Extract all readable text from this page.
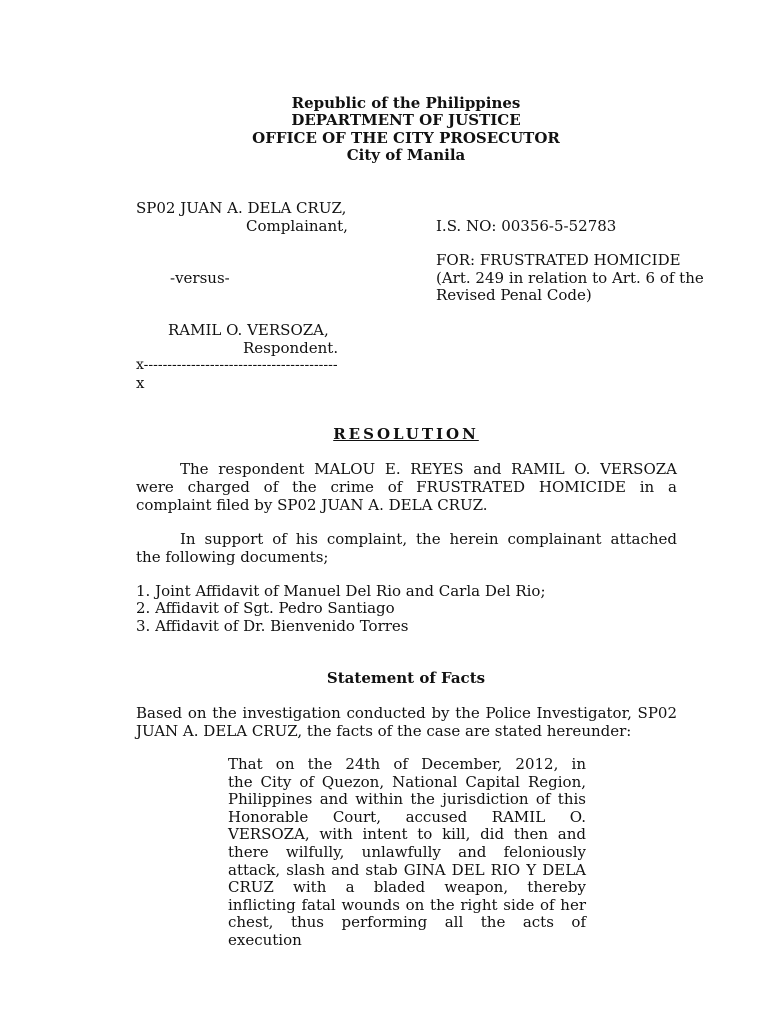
Republic of the Philippines
DEPARTMENT OF JUSTICE
OFFICE OF THE CITY PROSECUTOR
City of Manila
SP02 JUAN A. DELA CRUZ,
Complainant,
-versus-
RAMIL O. VERSOZA,
Respondent.
x-----------------------------------------
x
I.S. NO: 00356-5-52783
FOR: FRUSTRATED HOMICIDE
(Art. 249 in relation to Art. 6 of the
Revised Penal Code)
RESOLUTION
The respondent MALOU E. REYES and RAMIL O. VERSOZA
were charged of the crime of FRUSTRATED HOMICIDE in a
complaint filed by SP02 JUAN A. DELA CRUZ.
In support of his complaint, the herein complainant attached
the following documents;
1. Joint Affidavit of Manuel Del Rio and Carla Del Rio;
2. Affidavit of Sgt. Pedro Santiago
3. Affidavit of Dr. Bienvenido Torres
Statement of Facts
Based on the investigation conducted by the Police Investigator, SP02
JUAN A. DELA CRUZ, the facts of the case are stated hereunder:
That on the 24th of December, 2012, in
the City of Quezon, National Capital Region,
Philippines and within the jurisdiction of this
Honorable Court, accused RAMIL O.
VERSOZA, with intent to kill, did then and
there wilfully, unlawfully and feloniously
attack, slash and stab GINA DEL RIO Y DELA
CRUZ with a bladed weapon, thereby
inflicting fatal wounds on the right side of her
chest, thus performing all the acts of execution
